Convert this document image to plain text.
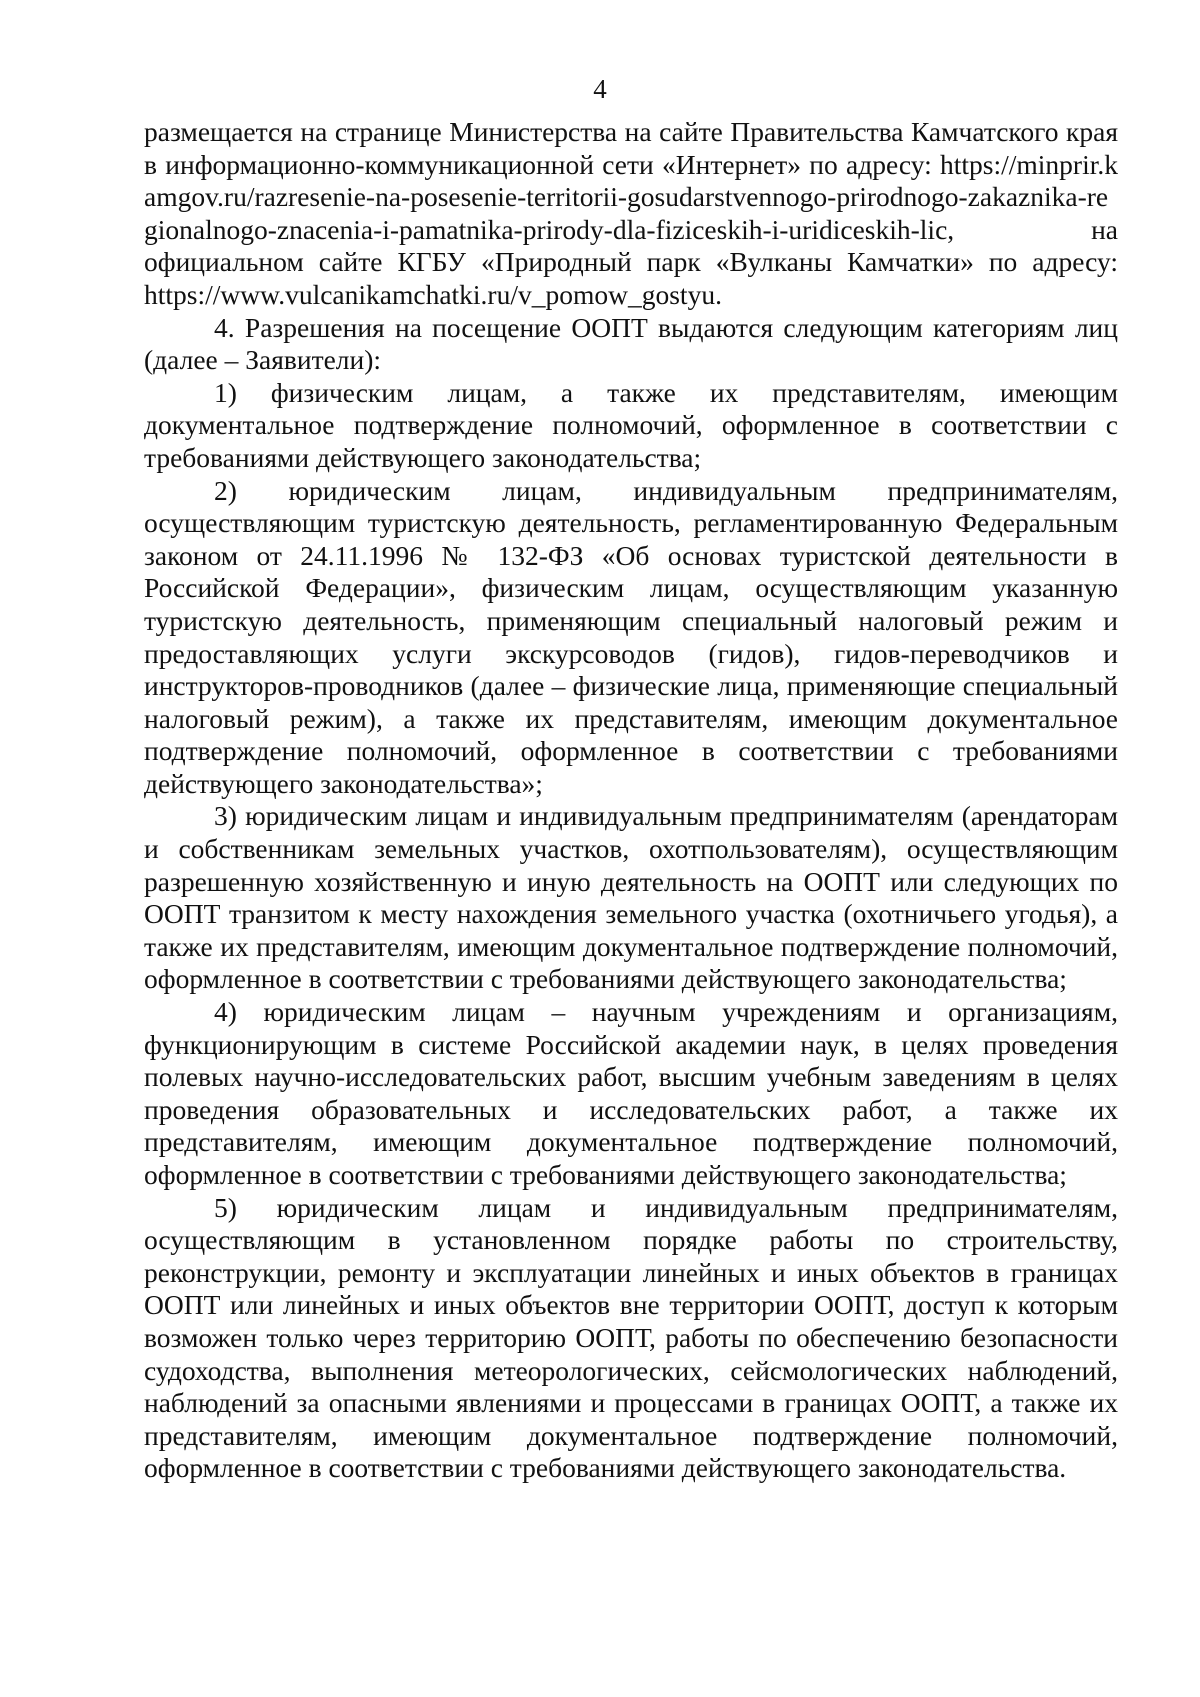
4

размещается на странице Министерства на сайте Правительства Камчатского края в информационно-коммуникационной сети «Интернет» по адресу: https://minprir.kamgov.ru/razresenie-na-posesenie-territorii-gosudarstvennogo-prirodnogo-zakaznika-regionalnogo-znacenia-i-pamatnika-prirody-dla-fiziceskih-i-uridiceskih-lic, на официальном сайте КГБУ «Природный парк «Вулканы Камчатки» по адресу: https://www.vulcanikamchatki.ru/v_pomow_gostyu.

4. Разрешения на посещение ООПТ выдаются следующим категориям лиц (далее – Заявители):

1) физическим лицам, а также их представителям, имеющим документальное подтверждение полномочий, оформленное в соответствии с требованиями действующего законодательства;

2) юридическим лицам, индивидуальным предпринимателям, осуществляющим туристскую деятельность, регламентированную Федеральным законом от 24.11.1996 № 132-ФЗ «Об основах туристской деятельности в Российской Федерации», физическим лицам, осуществляющим указанную туристскую деятельность, применяющим специальный налоговый режим и предоставляющих услуги экскурсоводов (гидов), гидов-переводчиков и инструкторов-проводников (далее – физические лица, применяющие специальный налоговый режим), а также их представителям, имеющим документальное подтверждение полномочий, оформленное в соответствии с требованиями действующего законодательства»;

3) юридическим лицам и индивидуальным предпринимателям (арендаторам и собственникам земельных участков, охотпользователям), осуществляющим разрешенную хозяйственную и иную деятельность на ООПТ или следующих по ООПТ транзитом к месту нахождения земельного участка (охотничьего угодья), а также их представителям, имеющим документальное подтверждение полномочий, оформленное в соответствии с требованиями действующего законодательства;

4) юридическим лицам – научным учреждениям и организациям, функционирующим в системе Российской академии наук, в целях проведения полевых научно-исследовательских работ, высшим учебным заведениям в целях проведения образовательных и исследовательских работ, а также их представителям, имеющим документальное подтверждение полномочий, оформленное в соответствии с требованиями действующего законодательства;

5) юридическим лицам и индивидуальным предпринимателям, осуществляющим в установленном порядке работы по строительству, реконструкции, ремонту и эксплуатации линейных и иных объектов в границах ООПТ или линейных и иных объектов вне территории ООПТ, доступ к которым возможен только через территорию ООПТ, работы по обеспечению безопасности судоходства, выполнения метеорологических, сейсмологических наблюдений, наблюдений за опасными явлениями и процессами в границах ООПТ, а также их представителям, имеющим документальное подтверждение полномочий, оформленное в соответствии с требованиями действующего законодательства.
